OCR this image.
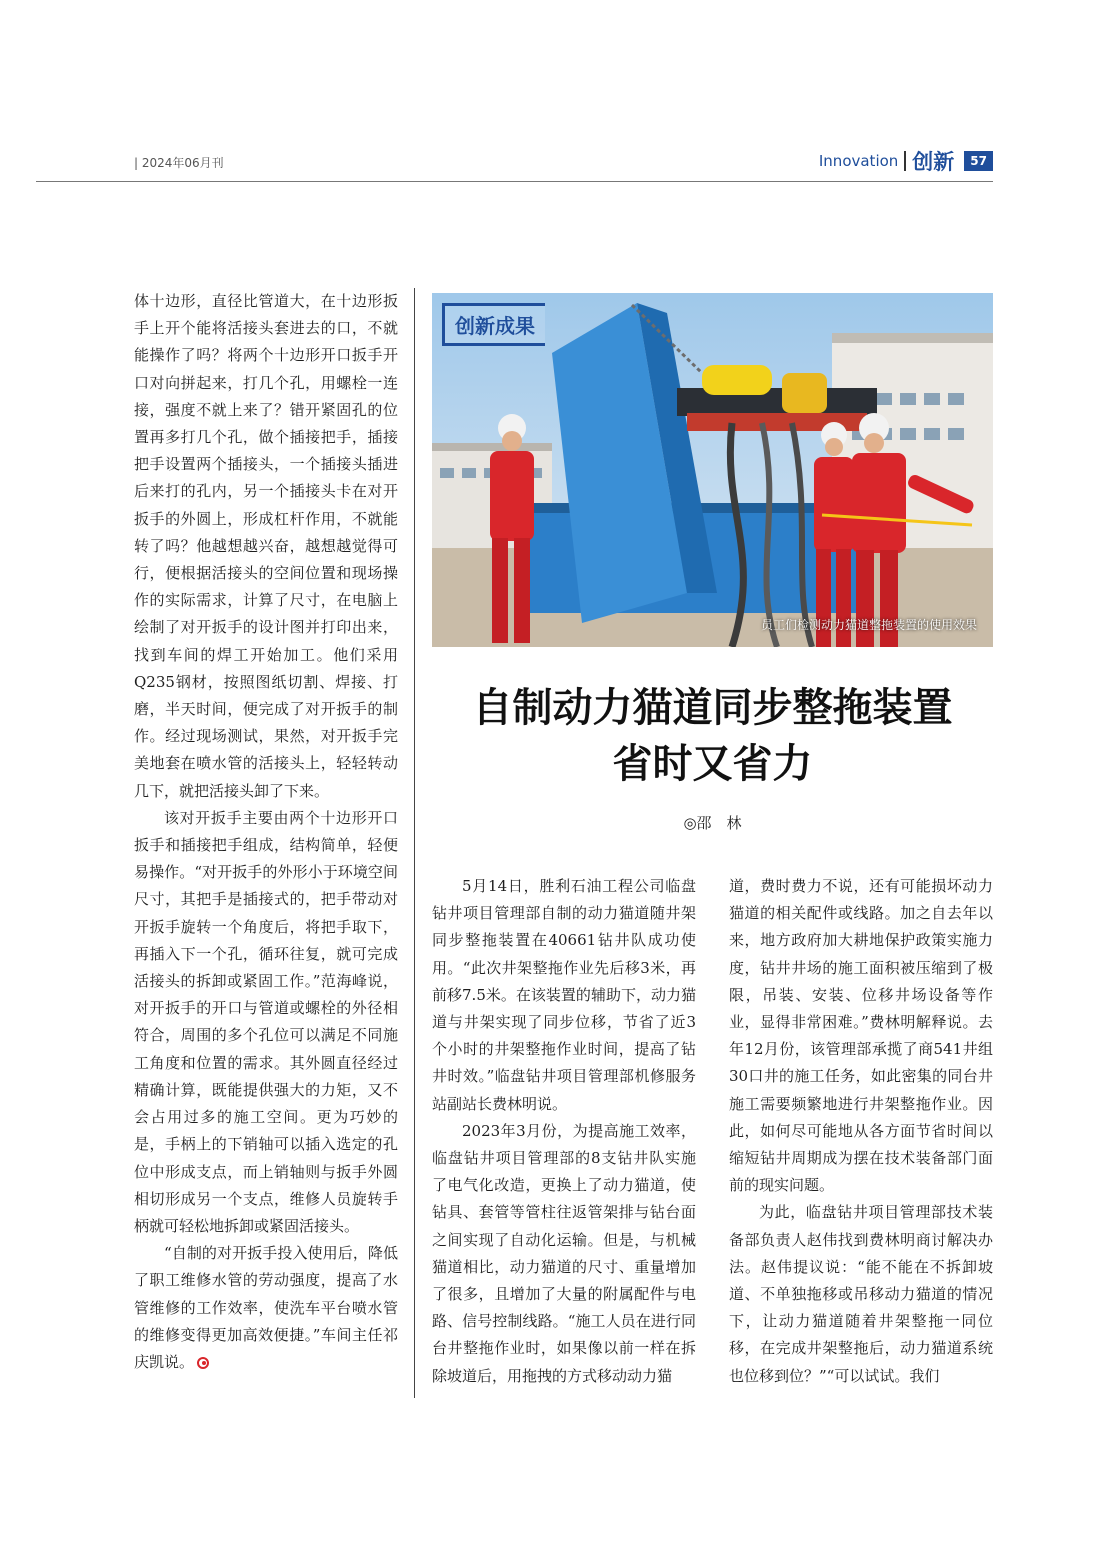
| 2024年06月刊	Innovation 创新	57

体十边形，直径比管道大，在十边形扳手上开个能将活接头套进去的口，不就能操作了吗？将两个十边形开口扳手开口对向拼起来，打几个孔，用螺栓一连接，强度不就上来了？错开紧固孔的位置再多打几个孔，做个插接把手，插接把手设置两个插接头，一个插接头插进后来打的孔内，另一个插接头卡在对开扳手的外圆上，形成杠杆作用，不就能转了吗？他越想越兴奋，越想越觉得可行，便根据活接头的空间位置和现场操作的实际需求，计算了尺寸，在电脑上绘制了对开扳手的设计图并打印出来，找到车间的焊工开始加工。他们采用Q235钢材，按照图纸切割、焊接、打磨，半天时间，便完成了对开扳手的制作。经过现场测试，果然，对开扳手完美地套在喷水管的活接头上，轻轻转动几下，就把活接头卸了下来。

该对开扳手主要由两个十边形开口扳手和插接把手组成，结构简单，轻便易操作。“对开扳手的外形小于环境空间尺寸，其把手是插接式的，把手带动对开扳手旋转一个角度后，将把手取下，再插入下一个孔，循环往复，就可完成活接头的拆卸或紧固工作。”范海峰说，对开扳手的开口与管道或螺栓的外径相符合，周围的多个孔位可以满足不同施工角度和位置的需求。其外圆直径经过精确计算，既能提供强大的力矩，又不会占用过多的施工空间。更为巧妙的是，手柄上的下销轴可以插入选定的孔位中形成支点，而上销轴则与扳手外圆相切形成另一个支点，维修人员旋转手柄就可轻松地拆卸或紧固活接头。

“自制的对开扳手投入使用后，降低了职工维修水管的劳动强度，提高了水管维修的工作效率，使洗车平台喷水管的维修变得更加高效便捷。”车间主任祁庆凯说。

创新成果
员工们检测动力猫道整拖装置的使用效果
自制动力猫道同步整拖装置
省时又省力
◎邵　林

5月14日，胜利石油工程公司临盘钻井项目管理部自制的动力猫道随井架同步整拖装置在40661钻井队成功使用。“此次井架整拖作业先后移3米，再前移7.5米。在该装置的辅助下，动力猫道与井架实现了同步位移，节省了近3个小时的井架整拖作业时间，提高了钻井时效。”临盘钻井项目管理部机修服务站副站长费林明说。

2023年3月份，为提高施工效率，临盘钻井项目管理部的8支钻井队实施了电气化改造，更换上了动力猫道，使钻具、套管等管柱往返管架排与钻台面之间实现了自动化运输。但是，与机械猫道相比，动力猫道的尺寸、重量增加了很多，且增加了大量的附属配件与电路、信号控制线路。“施工人员在进行同台井整拖作业时，如果像以前一样在拆除坡道后，用拖拽的方式移动动力猫

道，费时费力不说，还有可能损坏动力猫道的相关配件或线路。加之自去年以来，地方政府加大耕地保护政策实施力度，钻井井场的施工面积被压缩到了极限，吊装、安装、位移井场设备等作业，显得非常困难。”费林明解释说。去年12月份，该管理部承揽了商541井组30口井的施工任务，如此密集的同台井施工需要频繁地进行井架整拖作业。因此，如何尽可能地从各方面节省时间以缩短钻井周期成为摆在技术装备部门面前的现实问题。

为此，临盘钻井项目管理部技术装备部负责人赵伟找到费林明商讨解决办法。赵伟提议说：“能不能在不拆卸坡道、不单独拖移或吊移动力猫道的情况下，让动力猫道随着井架整拖一同位移，在完成井架整拖后，动力猫道系统也位移到位？”“可以试试。我们
